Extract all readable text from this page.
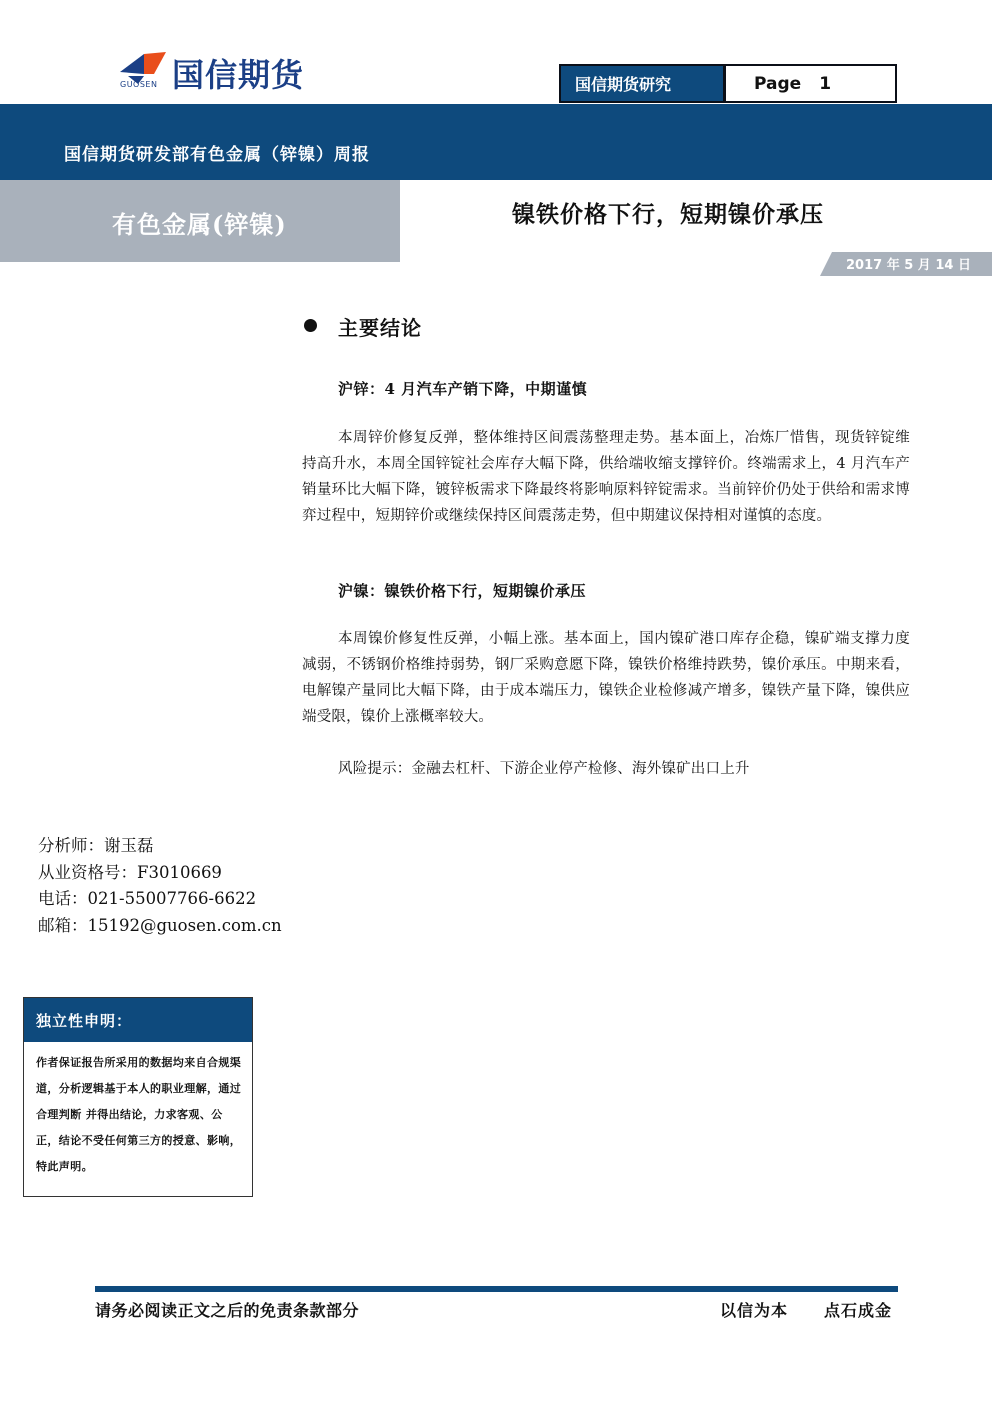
GUOSEN 国信期货	国信期货研究	Page 1
国信期货研发部有色金属（锌镍）周报
有色金属(锌镍)	镍铁价格下行，短期镍价承压
2017 年 5 月 14 日
主要结论
沪锌：4 月汽车产销下降，中期谨慎
本周锌价修复反弹，整体维持区间震荡整理走势。基本面上，冶炼厂惜售，现货锌锭维持高升水，本周全国锌锭社会库存大幅下降，供给端收缩支撑锌价。终端需求上，4 月汽车产销量环比大幅下降，镀锌板需求下降最终将影响原料锌锭需求。当前锌价仍处于供给和需求博弈过程中，短期锌价或继续保持区间震荡走势，但中期建议保持相对谨慎的态度。
沪镍：镍铁价格下行，短期镍价承压
本周镍价修复性反弹，小幅上涨。基本面上，国内镍矿港口库存企稳，镍矿端支撑力度减弱，不锈钢价格维持弱势，钢厂采购意愿下降，镍铁价格维持跌势，镍价承压。中期来看，电解镍产量同比大幅下降，由于成本端压力，镍铁企业检修减产增多，镍铁产量下降，镍供应端受限，镍价上涨概率较大。
风险提示：金融去杠杆、下游企业停产检修、海外镍矿出口上升
分析师：谢玉磊
从业资格号：F3010669
电话：021-55007766-6622
邮箱：15192@guosen.com.cn
独立性申明：
作者保证报告所采用的数据均来自合规渠道，分析逻辑基于本人的职业理解，通过合理判断 并得出结论，力求客观、公正，结论不受任何第三方的授意、影响，特此声明。
请务必阅读正文之后的免责条款部分	以信为本 点石成金
